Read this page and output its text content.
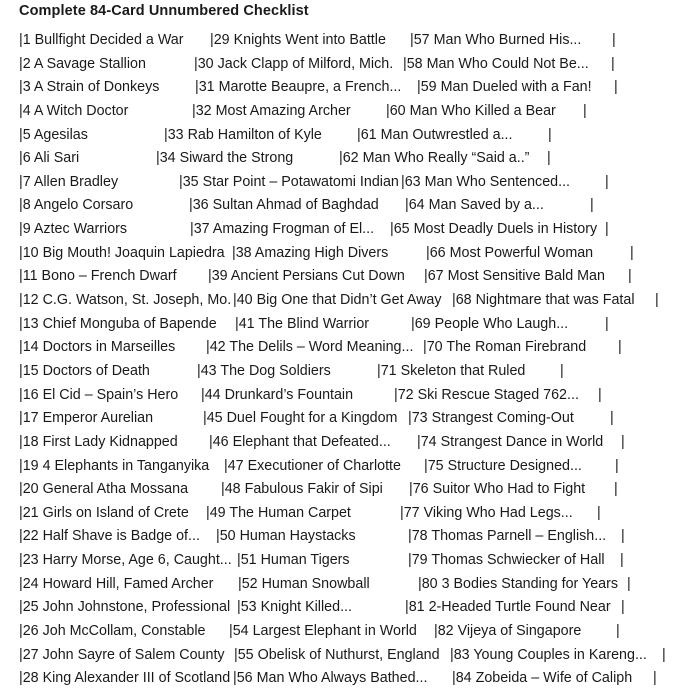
Complete 84-Card Unnumbered Checklist
|1 Bullfight Decided a War |29 Knights Went into Battle |57 Man Who Burned His... |
|2 A Savage Stallion	|30 Jack Clapp of Milford, Mich. |58 Man Who Could Not Be... |
|3 A Strain of Donkeys |31 Marotte Beaupre, a French... |59 Man Dueled with a Fan! |
|4 A Witch Doctor	|32 Most Amazing Archer |60 Man Who Killed a Bear |
|5 Agesilas	|33 Rab Hamilton of Kyle |61 Man Outwrestled a... |
|6 Ali Sari	|34 Siward the Strong	|62 Man Who Really “Said a..” |
|7 Allen Bradley	|35 Star Point – Potawatomi Indian |63 Man Who Sentenced... |
|8 Angelo Corsaro	|36 Sultan Ahmad of Baghdad |64 Man Saved by a...	|
|9 Aztec Warriors	|37 Amazing Frogman of El... |65 Most Deadly Duels in History |
|10 Big Mouth! Joaquin Lapiedra |38 Amazing High Divers	|66 Most Powerful Woman	|
|11 Bono – French Dwarf |39 Ancient Persians Cut Down |67 Most Sensitive Bald Man |
|12 C.G. Watson, St. Joseph, Mo. |40 Big One that Didn’t Get Away |68 Nightmare that was Fatal |
|13 Chief Monguba of Bapende |41 The Blind Warrior	|69 People Who Laugh...	|
|14 Doctors in Marseilles |42 The Delils – Word Meaning... |70 The Roman Firebrand |
|15 Doctors of Death	|43 The Dog Soldiers	|71 Skeleton that Ruled |
|16 El Cid – Spain’s Hero |44 Drunkard’s Fountain	|72 Ski Rescue Staged 762... |
|17 Emperor Aurelian	|45 Duel Fought for a Kingdom |73 Strangest Coming-Out	|
|18 First Lady Kidnapped |46 Elephant that Defeated... |74 Strangest Dance in World |
|19 4 Elephants in Tanganyika |47 Executioner of Charlotte |75 Structure Designed... |
|20 General Atha Mossana |48 Fabulous Fakir of Sipi |76 Suitor Who Had to Fight |
|21 Girls on Island of Crete |49 The Human Carpet	|77 Viking Who Had Legs... |
|22 Half Shave is Badge of... |50 Human Haystacks	|78 Thomas Parnell – English... |
|23 Harry Morse, Age 6, Caught... |51 Human Tigers	|79 Thomas Schwiecker of Hall |
|24 Howard Hill, Famed Archer |52 Human Snowball	|80 3 Bodies Standing for Years |
|25 John Johnstone, Professional |53 Knight Killed...	|81 2-Headed Turtle Found Near |
|26 Joh McCollam, Constable |54 Largest Elephant in World |82 Vijeya of Singapore |
|27 John Sayre of Salem County |55 Obelisk of Nuthurst, England |83 Young Couples in Kareng... |
|28 King Alexander III of Scotland |56 Man Who Always Bathed... |84 Zobeida – Wife of Caliph |
